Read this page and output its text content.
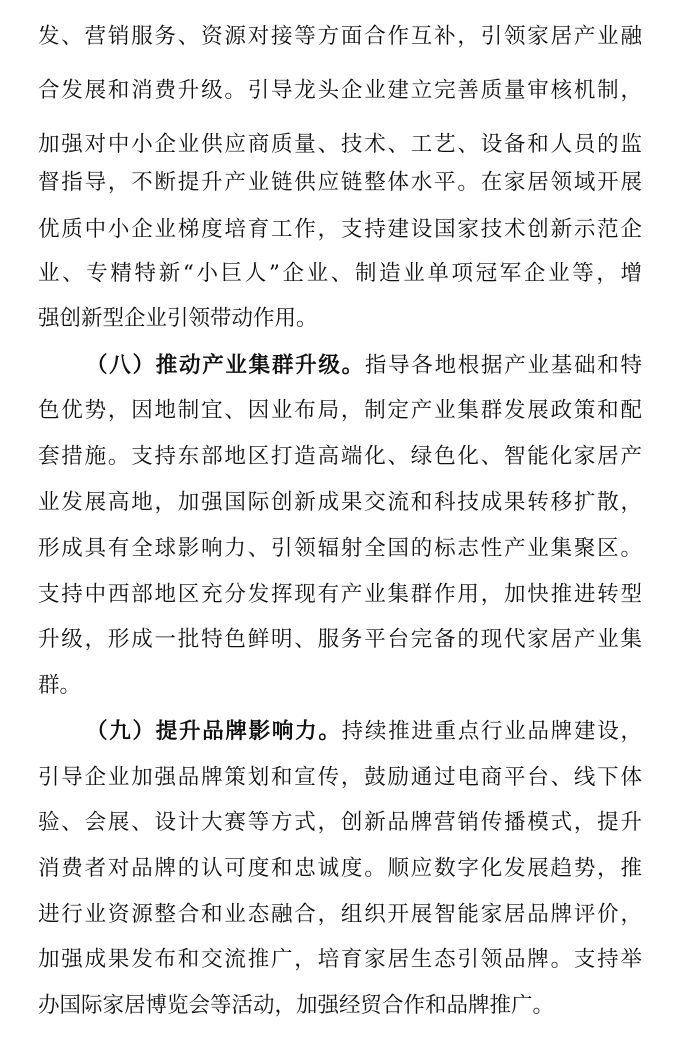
发、营销服务、资源对接等方面合作互补，引领家居产业融
合发展和消费升级。引导龙头企业建立完善质量审核机制，
加强对中小企业供应商质量、技术、工艺、设备和人员的监
督指导，不断提升产业链供应链整体水平。在家居领域开展
优质中小企业梯度培育工作，支持建设国家技术创新示范企
业、专精特新“小巨人”企业、制造业单项冠军企业等，增
强创新型企业引领带动作用。
（八）推动产业集群升级。指导各地根据产业基础和特
色优势，因地制宜、因业布局，制定产业集群发展政策和配
套措施。支持东部地区打造高端化、绿色化、智能化家居产
业发展高地，加强国际创新成果交流和科技成果转移扩散，
形成具有全球影响力、引领辐射全国的标志性产业集聚区。
支持中西部地区充分发挥现有产业集群作用，加快推进转型
升级，形成一批特色鲜明、服务平台完备的现代家居产业集
群。
（九）提升品牌影响力。持续推进重点行业品牌建设，
引导企业加强品牌策划和宣传，鼓励通过电商平台、线下体
验、会展、设计大赛等方式，创新品牌营销传播模式，提升
消费者对品牌的认可度和忠诚度。顺应数字化发展趋势，推
进行业资源整合和业态融合，组织开展智能家居品牌评价，
加强成果发布和交流推广，培育家居生态引领品牌。支持举
办国际家居博览会等活动，加强经贸合作和品牌推广。
